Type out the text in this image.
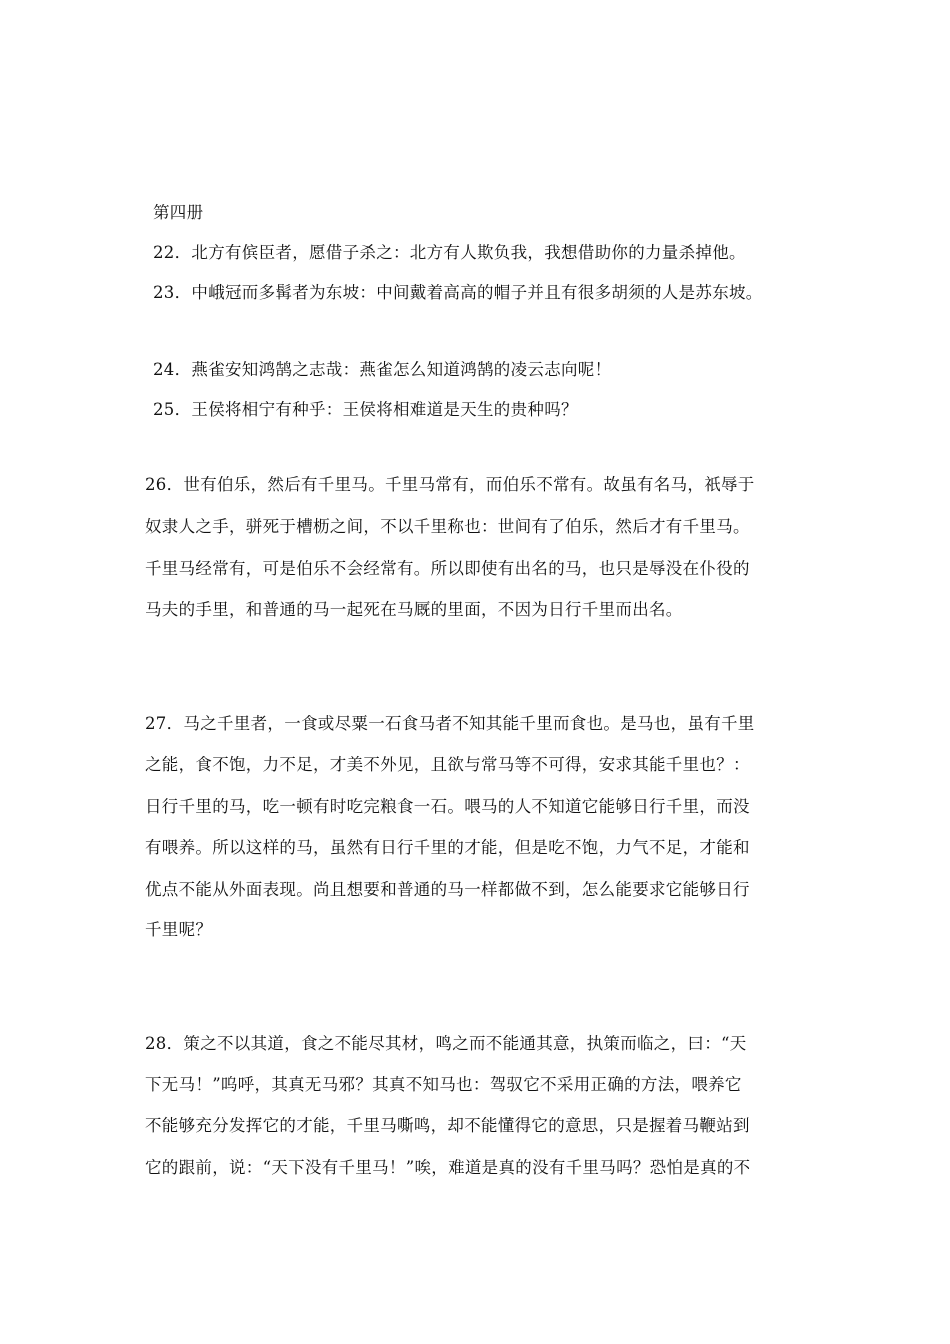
第四册
22．北方有傧臣者，愿借子杀之：北方有人欺负我，我想借助你的力量杀掉他。
23．中峨冠而多髯者为东坡：中间戴着高高的帽子并且有很多胡须的人是苏东坡。
24．燕雀安知鸿鹄之志哉：燕雀怎么知道鸿鹄的凌云志向呢！
25．王侯将相宁有种乎：王侯将相难道是天生的贵种吗？
26．世有伯乐，然后有千里马。千里马常有，而伯乐不常有。故虽有名马，祇辱于
奴隶人之手，骈死于槽枥之间，不以千里称也：世间有了伯乐，然后才有千里马。
千里马经常有，可是伯乐不会经常有。所以即使有出名的马，也只是辱没在仆役的
马夫的手里，和普通的马一起死在马厩的里面，不因为日行千里而出名。
27．马之千里者，一食或尽粟一石食马者不知其能千里而食也。是马也，虽有千里
之能，食不饱，力不足，才美不外见，且欲与常马等不可得，安求其能千里也？：
日行千里的马，吃一顿有时吃完粮食一石。喂马的人不知道它能够日行千里，而没
有喂养。所以这样的马，虽然有日行千里的才能，但是吃不饱，力气不足，才能和
优点不能从外面表现。尚且想要和普通的马一样都做不到，怎么能要求它能够日行
千里呢？
28．策之不以其道，食之不能尽其材，鸣之而不能通其意，执策而临之，曰：“天
下无马！”呜呼，其真无马邪？其真不知马也：驾驭它不采用正确的方法，喂养它
不能够充分发挥它的才能，千里马嘶鸣，却不能懂得它的意思，只是握着马鞭站到
它的跟前，说：“天下没有千里马！”唉，难道是真的没有千里马吗？恐怕是真的不
